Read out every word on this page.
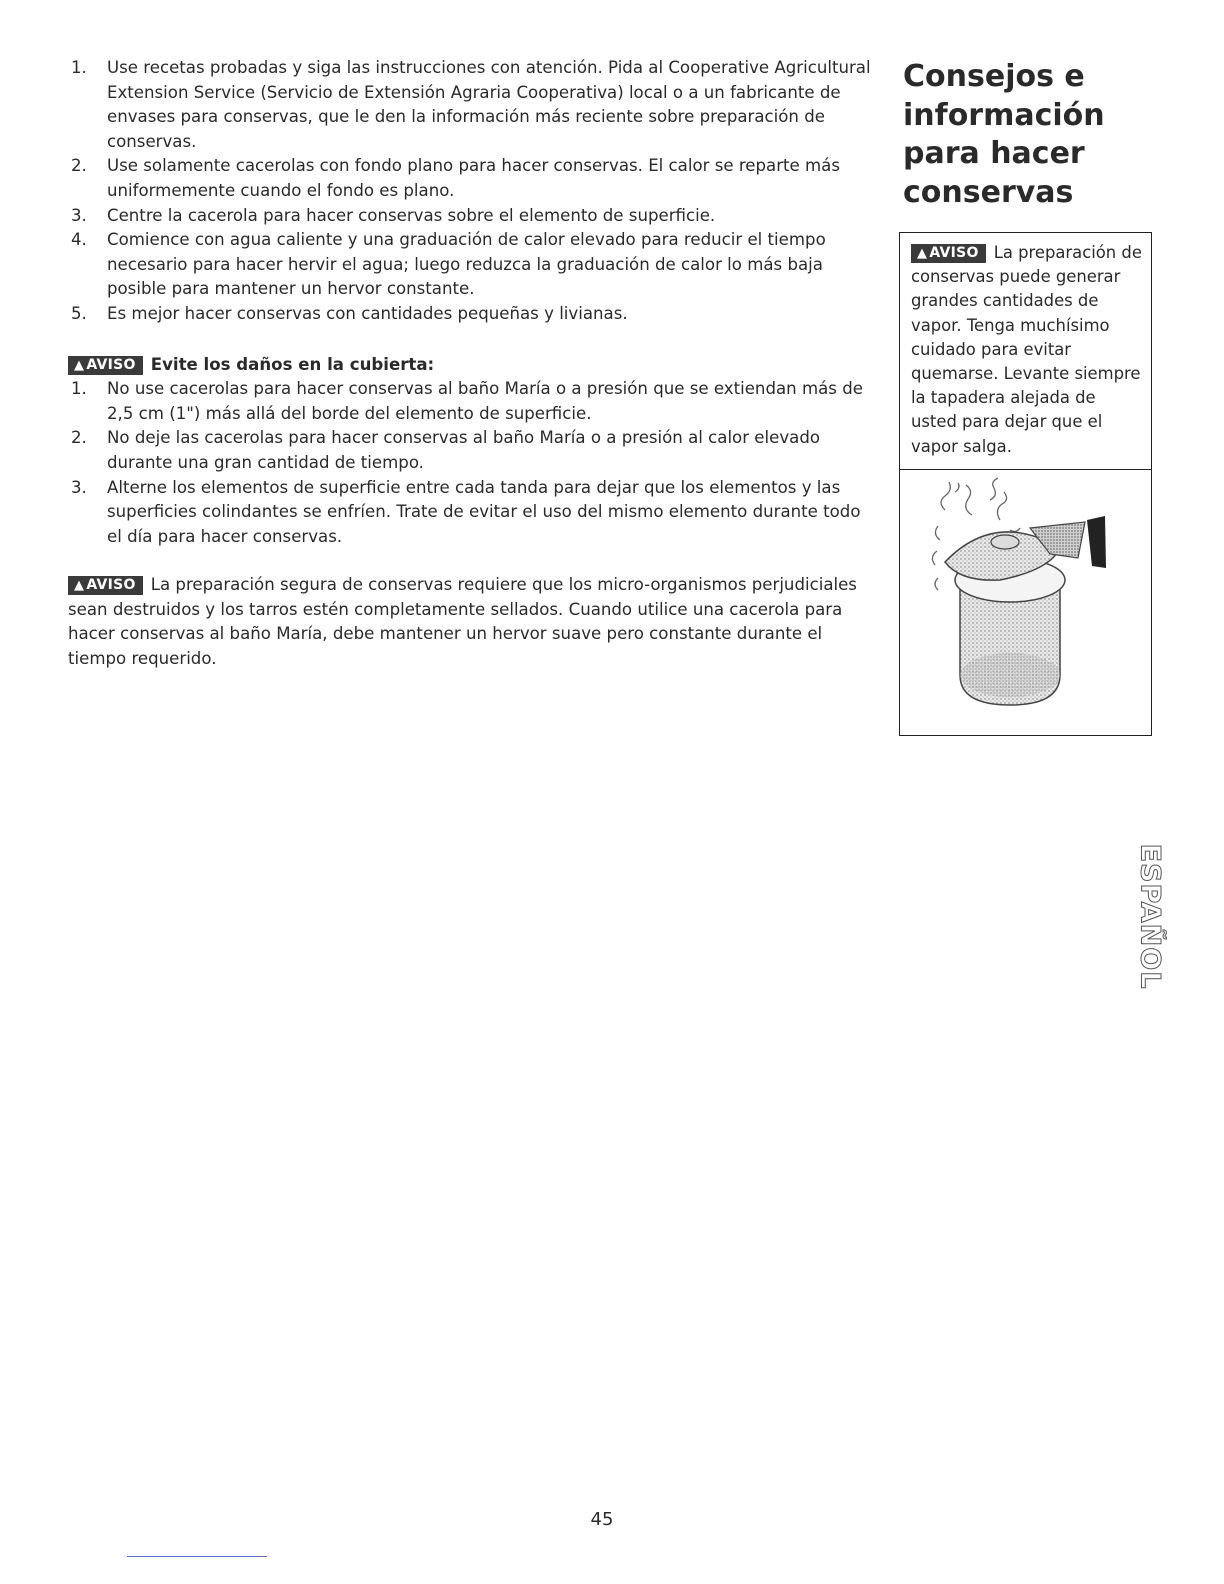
1. Use recetas probadas y siga las instrucciones con atención. Pida al Cooperative Agricultural Extension Service (Servicio de Extensión Agraria Cooperativa) local o a un fabricante de envases para conservas, que le den la información más reciente sobre preparación de conservas.
2. Use solamente cacerolas con fondo plano para hacer conservas. El calor se reparte más uniformemente cuando el fondo es plano.
3. Centre la cacerola para hacer conservas sobre el elemento de superficie.
4. Comience con agua caliente y una graduación de calor elevado para reducir el tiempo necesario para hacer hervir el agua; luego reduzca la graduación de calor lo más baja posible para mantener un hervor constante.
5. Es mejor hacer conservas con cantidades pequeñas y livianas.
▲ AVISO Evite los daños en la cubierta:
1. No use cacerolas para hacer conservas al baño María o a presión que se extiendan más de 2,5 cm (1") más allá del borde del elemento de superficie.
2. No deje las cacerolas para hacer conservas al baño María o a presión al calor elevado durante una gran cantidad de tiempo.
3. Alterne los elementos de superficie entre cada tanda para dejar que los elementos y las superficies colindantes se enfríen. Trate de evitar el uso del mismo elemento durante todo el día para hacer conservas.
▲ AVISO La preparación segura de conservas requiere que los micro-organismos perjudiciales sean destruidos y los tarros estén completamente sellados. Cuando utilice una cacerola para hacer conservas al baño María, debe mantener un hervor suave pero constante durante el tiempo requerido.
Consejos e
información
para hacer
conservas
▲ AVISO La preparación de conservas puede generar grandes cantidades de vapor. Tenga muchísimo cuidado para evitar quemarse. Levante siempre la tapadera alejada de usted para dejar que el vapor salga.
ESPAÑOL
45
